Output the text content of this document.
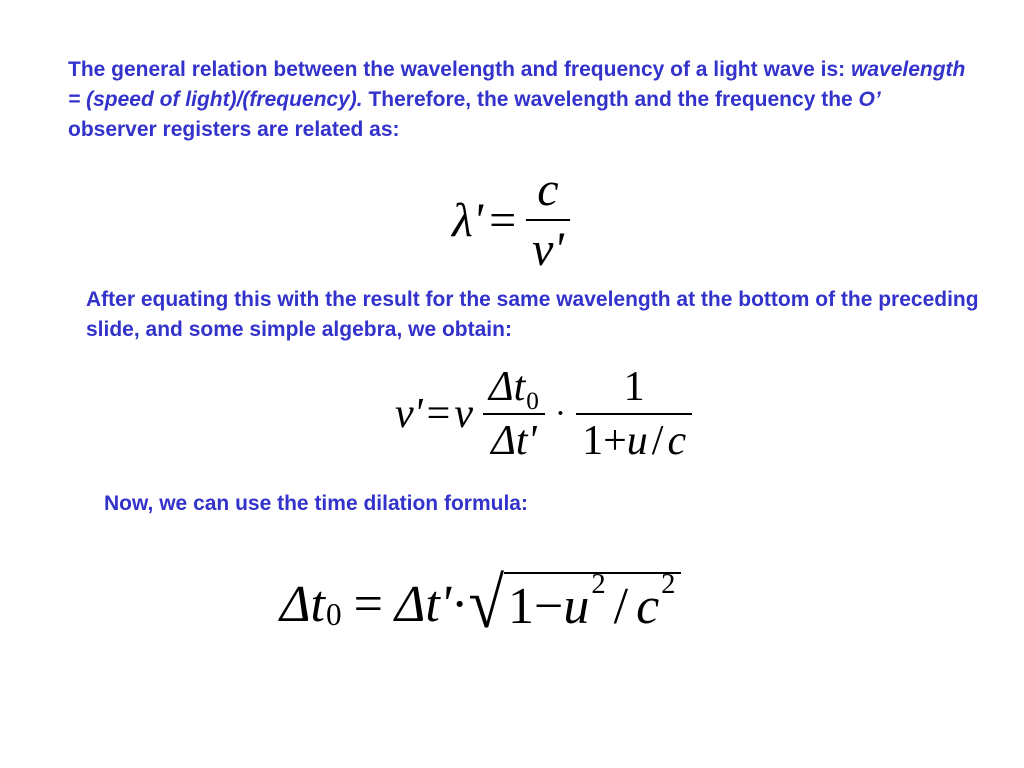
The general relation between the wavelength and frequency of a light wave is: wavelength = (speed of light)/(frequency). Therefore, the wavelength and the frequency the O’ observer registers are related as:

$\lambda' = \frac{c}{\nu'}$

After equating this with the result for the same wavelength at the bottom of the preceding slide, and some simple algebra, we obtain:

ν' = ν $\frac{\Delta t_0}{\Delta t'} \cdot \frac{1}{1+u/c}$

Now, we can use the time dilation formula:

Δt 0 = Δt' · √ 1 − u 2 / c 2
